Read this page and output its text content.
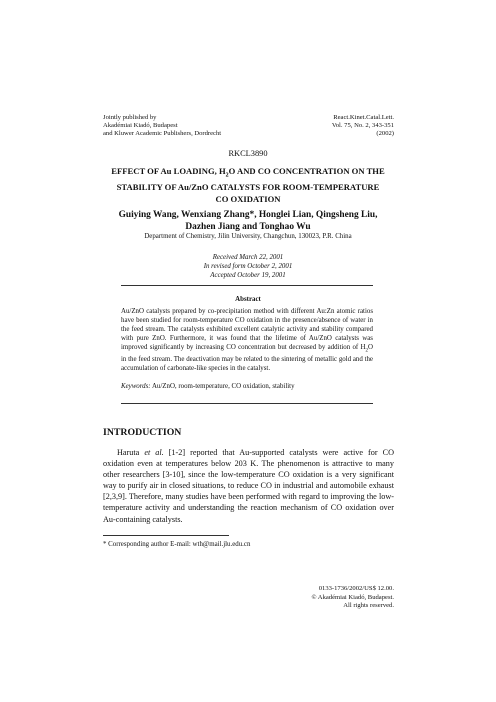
Jointly published by
Akadémiai Kiadó, Budapest
and Kluwer Academic Publishers, Dordrecht
React.Kinet.Catal.Lett.
Vol. 75, No. 2, 343-351
(2002)
RKCL3890
EFFECT OF Au LOADING, $H_2O$ AND CO CONCENTRATION ON THE
STABILITY OF Au/ZnO CATALYSTS FOR ROOM-TEMPERATURE
CO OXIDATION
Guiying Wang, Wenxiang Zhang*, Honglei Lian, Qingsheng Liu,
Dazhen Jiang and Tonghao Wu
Department of Chemistry, Jilin University, Changchun, 130023, P.R. China
Received March 22, 2001
In revised form October 2, 2001
Accepted October 19, 2001
Abstract
Au/ZnO catalysts prepared by co-precipitation method with different Au:Zn atomic ratios have been studied for room-temperature CO oxidation in the presence/absence of water in the feed stream. The catalysts exhibited excellent catalytic activity and stability compared with pure ZnO. Furthermore, it was found that the lifetime of Au/ZnO catalysts was improved significantly by increasing CO concentration but decreased by addition of $H_2O$ in the feed stream. The deactivation may be related to the sintering of metallic gold and the accumulation of carbonate-like species in the catalyst.
Keywords: Au/ZnO, room-temperature, CO oxidation, stability
INTRODUCTION

Haruta et al. [1-2] reported that Au-supported catalysts were active for CO oxidation even at temperatures below 203 K. The phenomenon is attractive to many other researchers [3-10], since the low-temperature CO oxidation is a very significant way to purify air in closed situations, to reduce CO in industrial and automobile exhaust [2,3,9]. Therefore, many studies have been performed with regard to improving the low-temperature activity and understanding the reaction mechanism of CO oxidation over Au-containing catalysts.

* Corresponding author E-mail: wth@mail.jlu.edu.cn
0133-1736/2002/US$ 12.00.
© Akadémiai Kiadó, Budapest.
All rights reserved.
